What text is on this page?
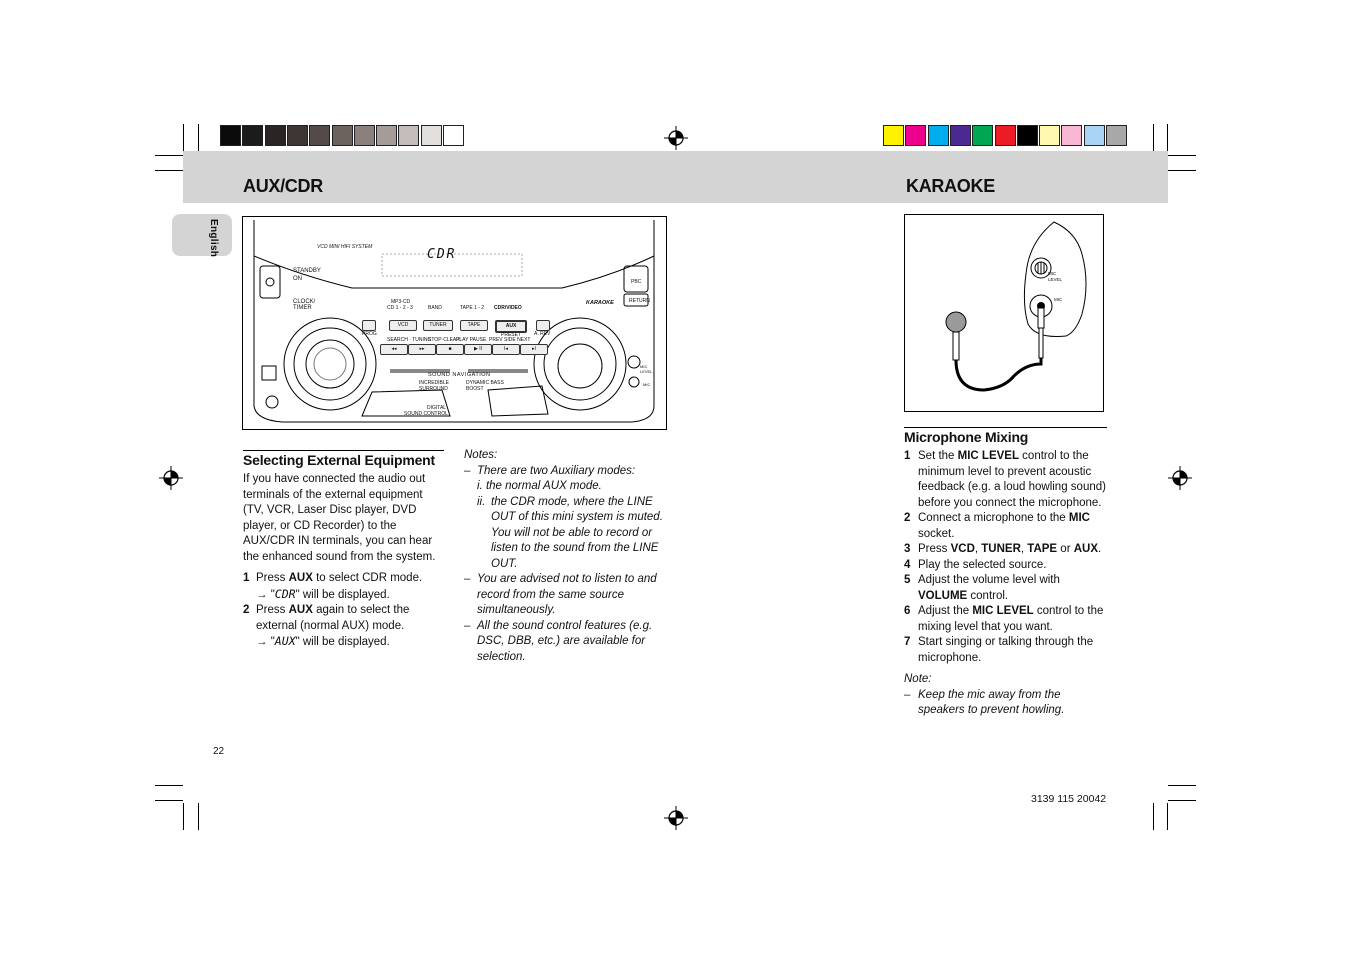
AUX/CDR	KARAOKE
English	VCD MINI HIFI SYSTEM	CDR
STANDBY
ON
CLOCK/
TIMER
MP3-CD
CD 1 - 2 - 3	BAND	TAPE 1 - 2 CDR/VIDEO
KARAOKE
PBC
RETURN
PROG
VCD	TUNER	TAPE	AUX
A. REV
SEARCH · TUNING
STOP·CLEAR
PLAY PAUSE
PRESET
PREV SIDE NEXT
◂◂	▸▸	■	▶ II	I◂	▸I
SOUND NAVIGATION
INCREDIBLE
SURROUND
DYNAMIC BASS
BOOST
DIGITAL
SOUND CONTROL
MIC LEVEL
MIC
Selecting External Equipment
If you have connected the audio out terminals of the external equipment (TV, VCR, Laser Disc player, DVD player, or CD Recorder) to the AUX/CDR IN terminals, you can hear the enhanced sound from the system.
1 Press AUX to select CDR mode.
→ "CDR" will be displayed.
2 Press AUX again to select the external (normal AUX) mode.
→ "AUX" will be displayed.
Notes:
– There are two Auxiliary modes:
i. the normal AUX mode.
ii. the CDR mode, where the LINE OUT of this mini system is muted. You will not be able to record or listen to the sound from the LINE OUT.
– You are advised not to listen to and record from the same source simultaneously.
– All the sound control features (e.g. DSC, DBB, etc.) are available for selection.
MIC
LEVEL
MIC
Microphone Mixing
1 Set the MIC LEVEL control to the minimum level to prevent acoustic feedback (e.g. a loud howling sound) before you connect the microphone.
2 Connect a microphone to the MIC socket.
3 Press VCD, TUNER, TAPE or AUX.
4 Play the selected source.
5 Adjust the volume level with VOLUME control.
6 Adjust the MIC LEVEL control to the mixing level that you want.
7 Start singing or talking through the microphone.
Note:
– Keep the mic away from the speakers to prevent howling.
22
3139 115 20042
